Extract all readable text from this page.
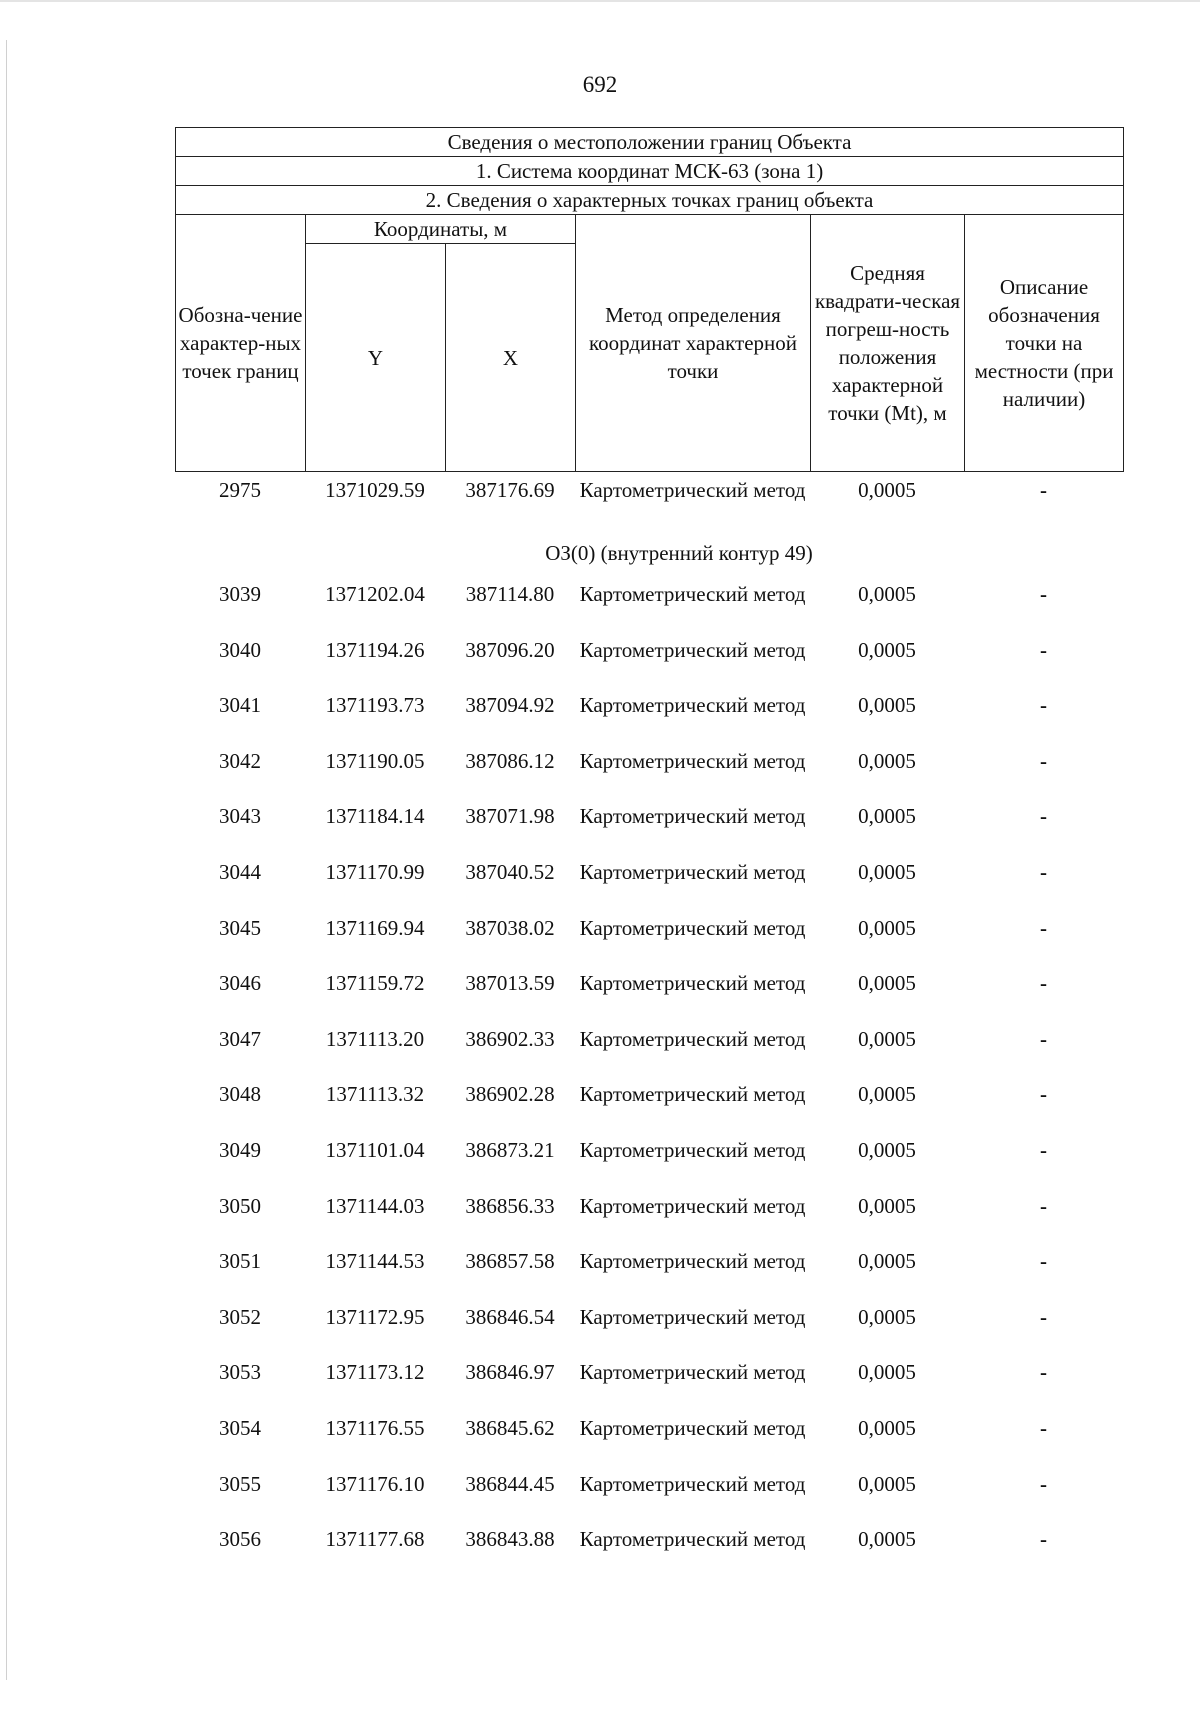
692
Сведения о местоположении границ Объекта					
1. Система координат МСК-63 (зона 1)					
2. Сведения о характерных точках границ объекта					
Обозна-чение характер-ных точек границ	Координаты, м		Метод определения координат характерной точки	Средняя квадрати-ческая погреш-ность положения характерной точки (Mt), м	Описание обозначения точки на местности (при наличии)
	Y	X			
2975	1371029.59	387176.69	Картометрический метод	0,0005	-
ОЗ(0) (внутренний контур 49)
3039	1371202.04	387114.80	Картометрический метод	0,0005	-
3040	1371194.26	387096.20	Картометрический метод	0,0005	-
3041	1371193.73	387094.92	Картометрический метод	0,0005	-
3042	1371190.05	387086.12	Картометрический метод	0,0005	-
3043	1371184.14	387071.98	Картометрический метод	0,0005	-
3044	1371170.99	387040.52	Картометрический метод	0,0005	-
3045	1371169.94	387038.02	Картометрический метод	0,0005	-
3046	1371159.72	387013.59	Картометрический метод	0,0005	-
3047	1371113.20	386902.33	Картометрический метод	0,0005	-
3048	1371113.32	386902.28	Картометрический метод	0,0005	-
3049	1371101.04	386873.21	Картометрический метод	0,0005	-
3050	1371144.03	386856.33	Картометрический метод	0,0005	-
3051	1371144.53	386857.58	Картометрический метод	0,0005	-
3052	1371172.95	386846.54	Картометрический метод	0,0005	-
3053	1371173.12	386846.97	Картометрический метод	0,0005	-
3054	1371176.55	386845.62	Картометрический метод	0,0005	-
3055	1371176.10	386844.45	Картометрический метод	0,0005	-
3056	1371177.68	386843.88	Картометрический метод	0,0005	-
